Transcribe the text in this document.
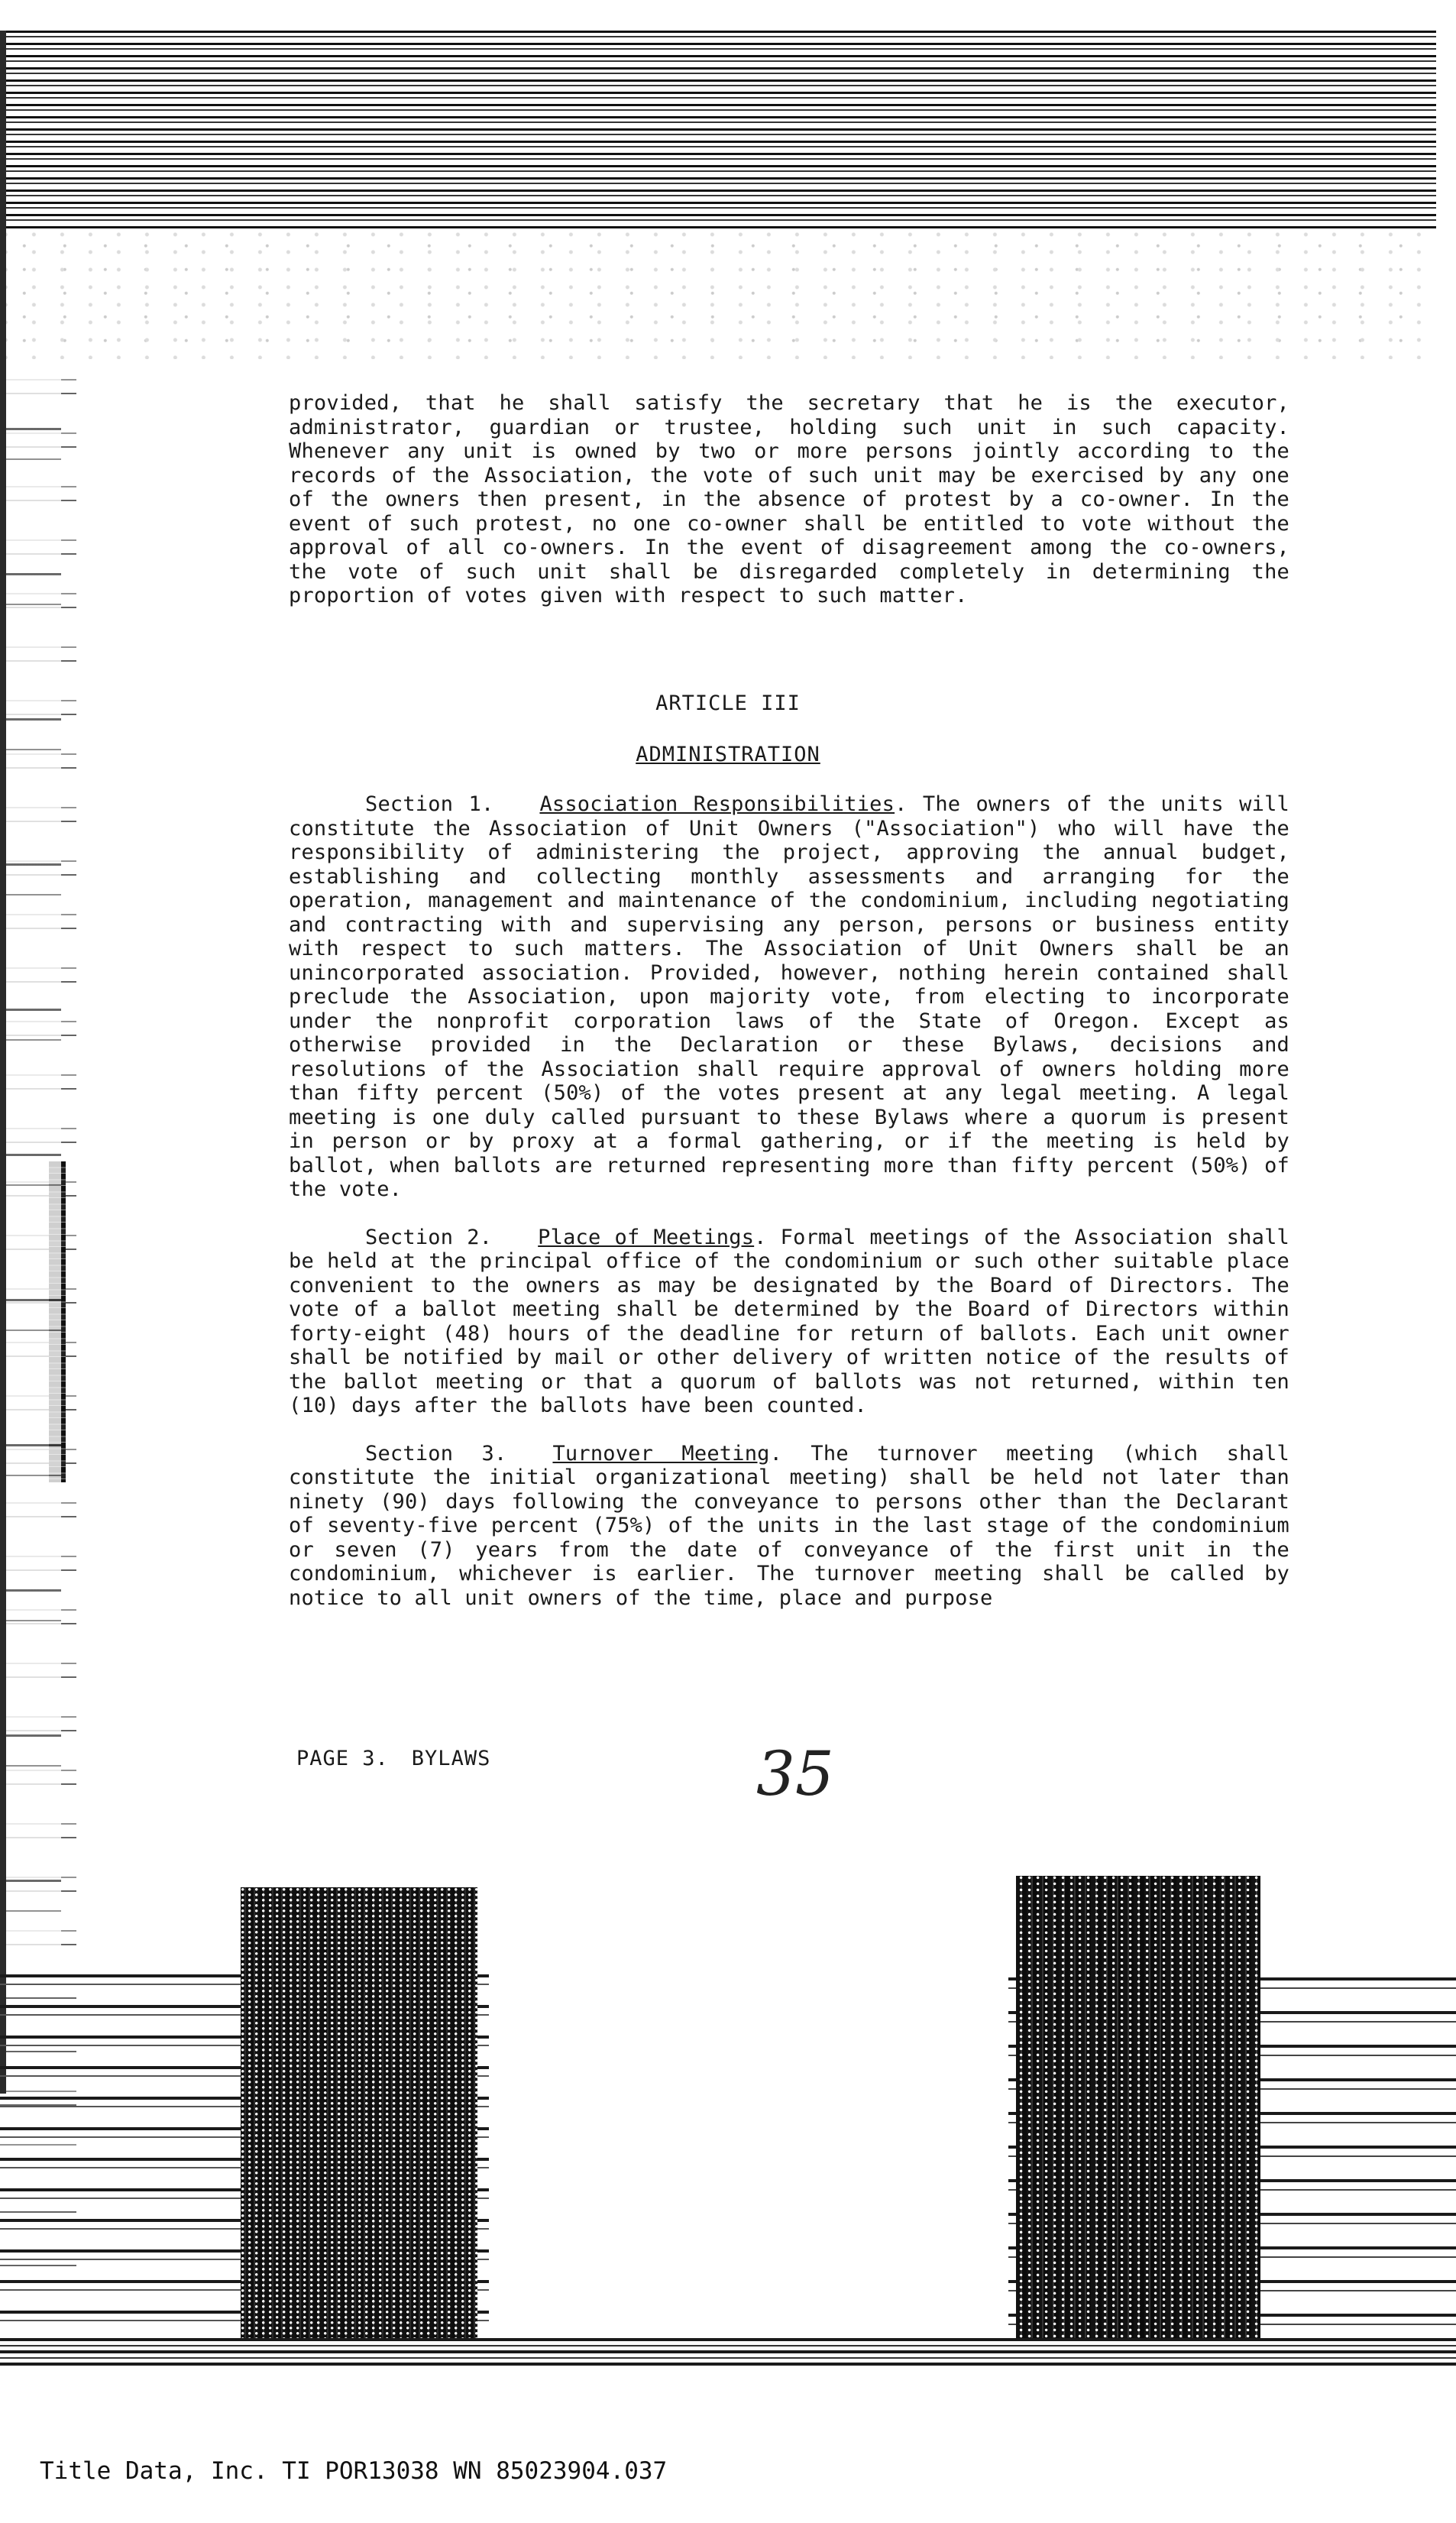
provided, that he shall satisfy the secretary that he is the executor, administrator, guardian or trustee, holding such unit in such capacity. Whenever any unit is owned by two or more persons jointly according to the records of the Association, the vote of such unit may be exercised by any one of the owners then present, in the absence of protest by a co-owner. In the event of such protest, no one co-owner shall be entitled to vote without the approval of all co-owners. In the event of disagreement among the co-owners, the vote of such unit shall be disregarded completely in determining the proportion of votes given with respect to such matter.

ARTICLE III
ADMINISTRATION

Section 1. Association Responsibilities. The owners of the units will constitute the Association of Unit Owners ("Association") who will have the responsibility of administering the project, approving the annual budget, establishing and collecting monthly assessments and arranging for the operation, management and maintenance of the condominium, including negotiating and contracting with and supervising any person, persons or business entity with respect to such matters. The Association of Unit Owners shall be an unincorporated association. Provided, however, nothing herein contained shall preclude the Association, upon majority vote, from electing to incorporate under the nonprofit corporation laws of the State of Oregon. Except as otherwise provided in the Declaration or these Bylaws, decisions and resolutions of the Association shall require approval of owners holding more than fifty percent (50%) of the votes present at any legal meeting. A legal meeting is one duly called pursuant to these Bylaws where a quorum is present in person or by proxy at a formal gathering, or if the meeting is held by ballot, when ballots are returned representing more than fifty percent (50%) of the vote.

Section 2. Place of Meetings. Formal meetings of the Association shall be held at the principal office of the condominium or such other suitable place convenient to the owners as may be designated by the Board of Directors. The vote of a ballot meeting shall be determined by the Board of Directors within forty-eight (48) hours of the deadline for return of ballots. Each unit owner shall be notified by mail or other delivery of written notice of the results of the ballot meeting or that a quorum of ballots was not returned, within ten (10) days after the ballots have been counted.

Section 3. Turnover Meeting. The turnover meeting (which shall constitute the initial organizational meeting) shall be held not later than ninety (90) days following the conveyance to persons other than the Declarant of seventy-five percent (75%) of the units in the last stage of the condominium or seven (7) years from the date of conveyance of the first unit in the condominium, whichever is earlier. The turnover meeting shall be called by notice to all unit owners of the time, place and purpose

PAGE 3. BYLAWS	35
Title Data, Inc. TI POR13038 WN 85023904.037
